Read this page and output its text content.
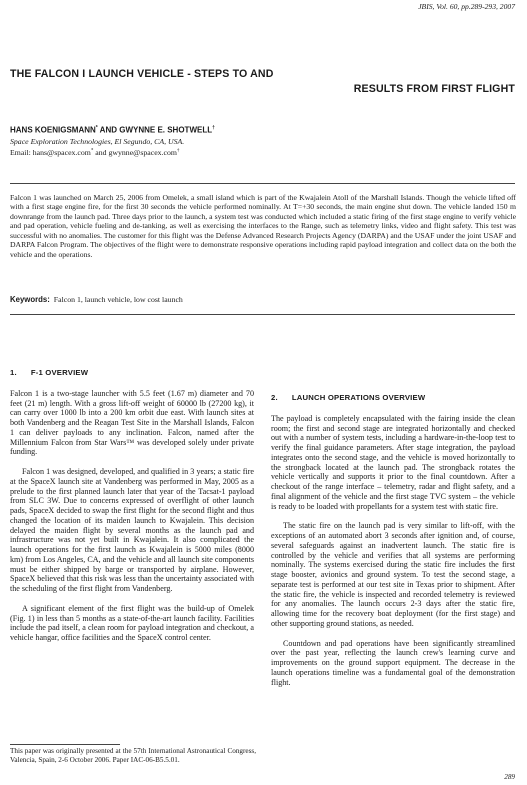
JBIS, Vol. 60, pp.289-293, 2007
THE FALCON I LAUNCH VEHICLE - STEPS TO AND
RESULTS FROM FIRST FLIGHT
HANS KOENIGSMANN* AND GWYNNE E. SHOTWELL†
Space Exploration Technologies, El Segundo, CA, USA.
Email: hans@spacex.com* and gwynne@spacex.com†

Falcon 1 was launched on March 25, 2006 from Omelek, a small island which is part of the Kwajalein Atoll of the Marshall Islands. Though the vehicle lifted off with a first stage engine fire, for the first 30 seconds the vehicle performed nominally. At T=+30 seconds, the main engine shut down. The vehicle landed 150 m downrange from the launch pad. Three days prior to the launch, a system test was conducted which included a static firing of the first stage engine to verify vehicle and pad operation, vehicle fueling and de-tanking, as well as exercising the interfaces to the Range, such as telemetry links, video and flight safety. This test was successful with no anomalies. The customer for this flight was the Defense Advanced Research Projects Agency (DARPA) and the USAF under the joint USAF and DARPA Falcon Program. The objectives of the flight were to demonstrate responsive operations including rapid payload integration and collect data on the both the vehicle and the operations.

Keywords: Falcon 1, launch vehicle, low cost launch
1.      F-1 OVERVIEW

Falcon 1 is a two-stage launcher with 5.5 feet (1.67 m) diameter and 70 feet (21 m) length. With a gross lift-off weight of 60000 lb (27200 kg), it can carry over 1000 lb into a 200 km orbit due east. With launch sites at both Vandenberg and the Reagan Test Site in the Marshall Islands, Falcon 1 can deliver payloads to any inclination. Falcon, named after the Millennium Falcon from Star Wars™ was developed solely under private funding.

Falcon 1 was designed, developed, and qualified in 3 years; a static fire at the SpaceX launch site at Vandenberg was performed in May, 2005 as a prelude to the first planned launch later that year of the Tacsat-1 payload from SLC 3W. Due to concerns expressed of overflight of other launch pads, SpaceX decided to swap the first flight for the second flight and thus changed the location of its maiden launch to Kwajalein. This decision delayed the maiden flight by several months as the launch pad and infrastructure was not yet built in Kwajalein. It also complicated the launch operations for the first launch as Kwajalein is 5000 miles (8000 km) from Los Angeles, CA, and the vehicle and all launch site components must be either shipped by barge or transported by airplane. However, SpaceX believed that this risk was less than the uncertainty associated with the scheduling of the first flight from Vandenberg.

A significant element of the first flight was the build-up of Omelek (Fig. 1) in less than 5 months as a state-of-the-art launch facility. Facilities include the pad itself, a clean room for payload integration and checkout, a vehicle hangar, office facilities and the SpaceX control center.

This paper was originally presented at the 57th International Astronautical Congress, Valencia, Spain, 2-6 October 2006. Paper IAC-06-B5.5.01.

2.      LAUNCH OPERATIONS OVERVIEW

The payload is completely encapsulated with the fairing inside the clean room; the first and second stage are integrated horizontally and checked out with a number of system tests, including a hardware-in-the-loop test to verify the final guidance parameters. After stage integration, the payload integrates onto the second stage, and the vehicle is moved horizontally to the strongback located at the launch pad. The strongback rotates the vehicle vertically and supports it prior to the final countdown. After a checkout of the range interface – telemetry, radar and flight safety, and a final alignment of the vehicle and the first stage TVC system – the vehicle is ready to be loaded with propellants for a system test with static fire.

The static fire on the launch pad is very similar to lift-off, with the exceptions of an automated abort 3 seconds after ignition and, of course, several safeguards against an inadvertent launch. The static fire is controlled by the vehicle and verifies that all systems are performing nominally. The systems exercised during the static fire includes the first stage booster, avionics and ground system. To test the second stage, a separate test is performed at our test site in Texas prior to shipment. After the static fire, the vehicle is inspected and recorded telemetry is reviewed for any anomalies. The launch occurs 2-3 days after the static fire, allowing time for the recovery boat deployment (for the first stage) and other supporting ground stations, as needed.

Countdown and pad operations have been significantly streamlined over the past year, reflecting the launch crew's learning curve and improvements on the ground support equipment. The decrease in the launch operations timeline was a fundamental goal of the demonstration flight.

289
